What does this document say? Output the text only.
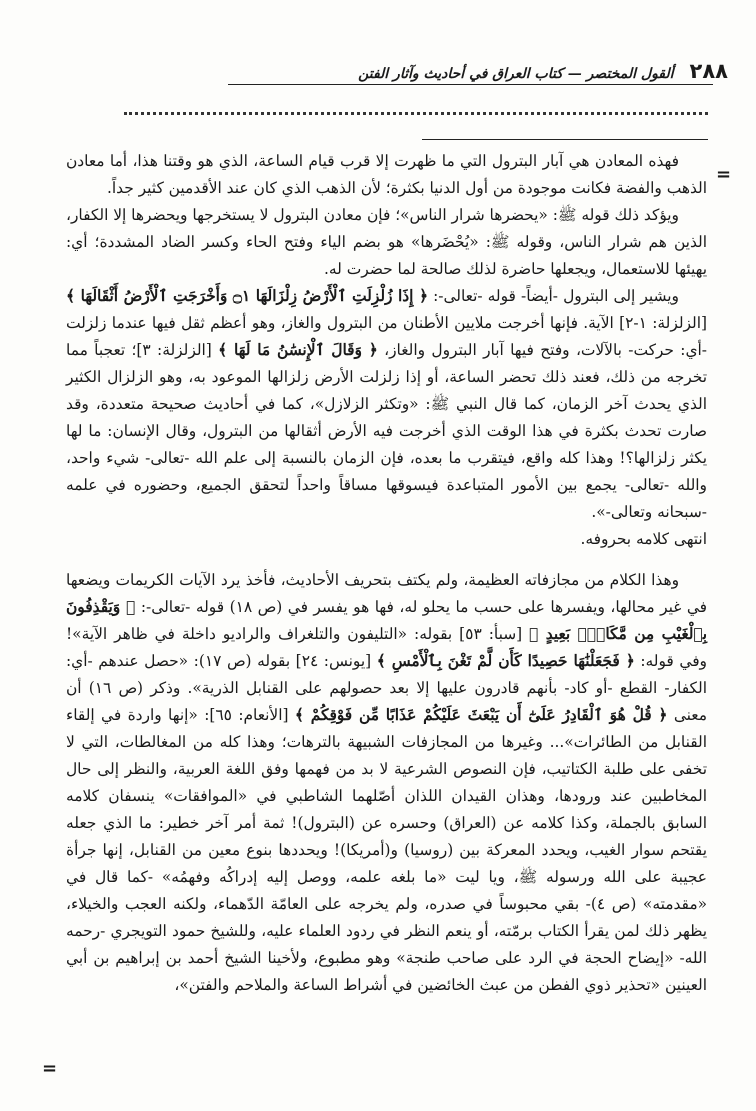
٢٨٨
ألقول المختصر — كتاب العراق في أحاديث وآثار الفتن
=
=

فهذه المعادن هي آبار البترول التي ما ظهرت إلا قرب قيام الساعة، الذي هو وقتنا هذا، أما معادن الذهب والفضة فكانت موجودة من أول الدنيا بكثرة؛ لأن الذهب الذي كان عند الأقدمين كثير جداً.

ويؤكد ذلك قوله ﷺ: «يحضرها شرار الناس»؛ فإن معادن البترول لا يستخرجها ويحضرها إلا الكفار، الذين هم شرار الناس، وقوله ﷺ: «يُحْضَرها» هو بضم الياء وفتح الحاء وكسر الضاد المشددة؛ أي: يهيئها للاستعمال، ويجعلها حاضرة لذلك صالحة لما حضرت له.

ويشير إلى البترول -أيضاً- قوله -تعالى-: ﴿ إِذَا زُلْزِلَتِ ٱلْأَرْضُ زِلْزَالَهَا ۝١ وَأَخْرَجَتِ ٱلْأَرْضُ أَثْقَالَهَا ﴾ [الزلزلة: ١-٢] الآية. فإنها أخرجت ملايين الأطنان من البترول والغاز، وهو أعظم ثقل فيها عندما زلزلت -أي: حركت- بالآلات، وفتح فيها آبار البترول والغاز، ﴿ وَقَالَ ٱلْإِنسَٰنُ مَا لَهَا ﴾ [الزلزلة: ٣]؛ تعجباً مما تخرجه من ذلك، فعند ذلك تحضر الساعة، أو إذا زلزلت الأرض زلزالها الموعود به، وهو الزلزال الكثير الذي يحدث آخر الزمان، كما قال النبي ﷺ: «وتكثر الزلازل»، كما في أحاديث صحيحة متعددة، وقد صارت تحدث بكثرة في هذا الوقت الذي أخرجت فيه الأرض أثقالها من البترول، وقال الإنسان: ما لها يكثر زلزالها؟! وهذا كله واقع، فيتقرب ما بعده، فإن الزمان بالنسبة إلى علم الله -تعالى- شيء واحد، والله -تعالى- يجمع بين الأمور المتباعدة فيسوقها مساقاً واحداً لتحقق الجميع، وحضوره في علمه -سبحانه وتعالى-».

انتهى كلامه بحروفه.

وهذا الكلام من مجازفاته العظيمة، ولم يكتف بتحريف الأحاديث، فأخذ يرد الآيات الكريمات ويضعها في غير محالها، ويفسرها على حسب ما يحلو له، فها هو يفسر في (ص ١٨) قوله -تعالى-: ﴿ وَيَقْذِفُونَ بِٱلْغَيْبِ مِن مَّكَانٍۭ بَعِيدٍ ﴾ [سبأ: ٥٣] بقوله: «التليفون والتلغراف والراديو داخلة في ظاهر الآية»! وفي قوله: ﴿ فَجَعَلْنَٰهَا حَصِيدًا كَأَن لَّمْ تَغْنَ بِٱلْأَمْسِ ﴾ [يونس: ٢٤] بقوله (ص ١٧): «حصل عندهم -أي: الكفار- القطع -أو كاد- بأنهم قادرون عليها إلا بعد حصولهم على القنابل الذرية». وذكر (ص ١٦) أن معنى ﴿ قُلْ هُوَ ٱلْقَادِرُ عَلَىٰٓ أَن يَبْعَثَ عَلَيْكُمْ عَذَابًا مِّن فَوْقِكُمْ ﴾ [الأنعام: ٦٥]: «إنها واردة في إلقاء القنابل من الطائرات»... وغيرها من المجازفات الشبيهة بالترهات؛ وهذا كله من المغالطات، التي لا تخفى على طلبة الكتاتيب، فإن النصوص الشرعية لا بد من فهمها وفق اللغة العربية، والنظر إلى حال المخاطبين عند ورودها، وهذان القيدان اللذان أصّلهما الشاطبي في «الموافقات» ينسفان كلامه السابق بالجملة، وكذا كلامه عن (العراق) وحسره عن (البترول)! ثمة أمر آخر خطير: ما الذي جعله يقتحم سوار الغيب، ويحدد المعركة بين (روسيا) و(أمريكا)! ويحددها بنوع معين من القنابل، إنها جرأة عجيبة على الله ورسوله ﷺ، ويا ليت «ما بلغه علمه، ووصل إليه إدراكُه وفهمُه» -كما قال في «مقدمته» (ص ٤)- بقي محبوساً في صدره، ولم يخرجه على العامّة الدّهماء، ولكنه العجب والخيلاء، يظهر ذلك لمن يقرأ الكتاب برمّته، أو ينعم النظر في ردود العلماء عليه، وللشيخ حمود التويجري -رحمه الله- «إيضاح الحجة في الرد على صاحب طنجة» وهو مطبوع، ولأخينا الشيخ أحمد بن إبراهيم بن أبي العينين «تحذير ذوي الفطن من عبث الخائضين في أشراط الساعة والملاحم والفتن»،
